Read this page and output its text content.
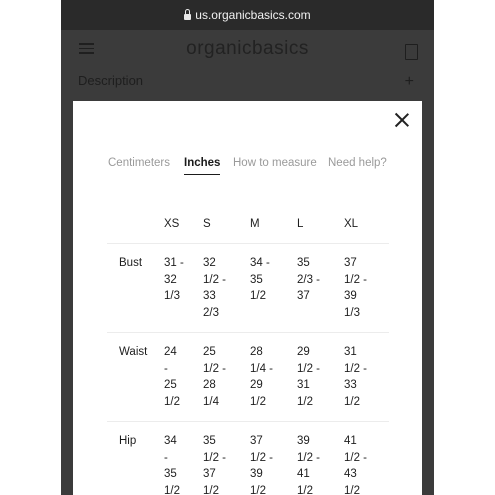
us.organicbasics.com
organicbasics
Description	+
Centimeters Inches How to measure Need help?
	XS	S	M	L	XL
Bust	31 -
32
1/3	32
1/2 -
33
2/3	34 -
35
1/2	35
2/3 -
37	37
1/2 -
39
1/3
Waist	24
-
25
1/2	25
1/2 -
28
1/4	28
1/4 -
29
1/2	29
1/2 -
31
1/2	31
1/2 -
33
1/2
Hip	34
-
35
1/2	35
1/2 -
37
1/2	37
1/2 -
39
1/2	39
1/2 -
41
1/2	41
1/2 -
43
1/2
